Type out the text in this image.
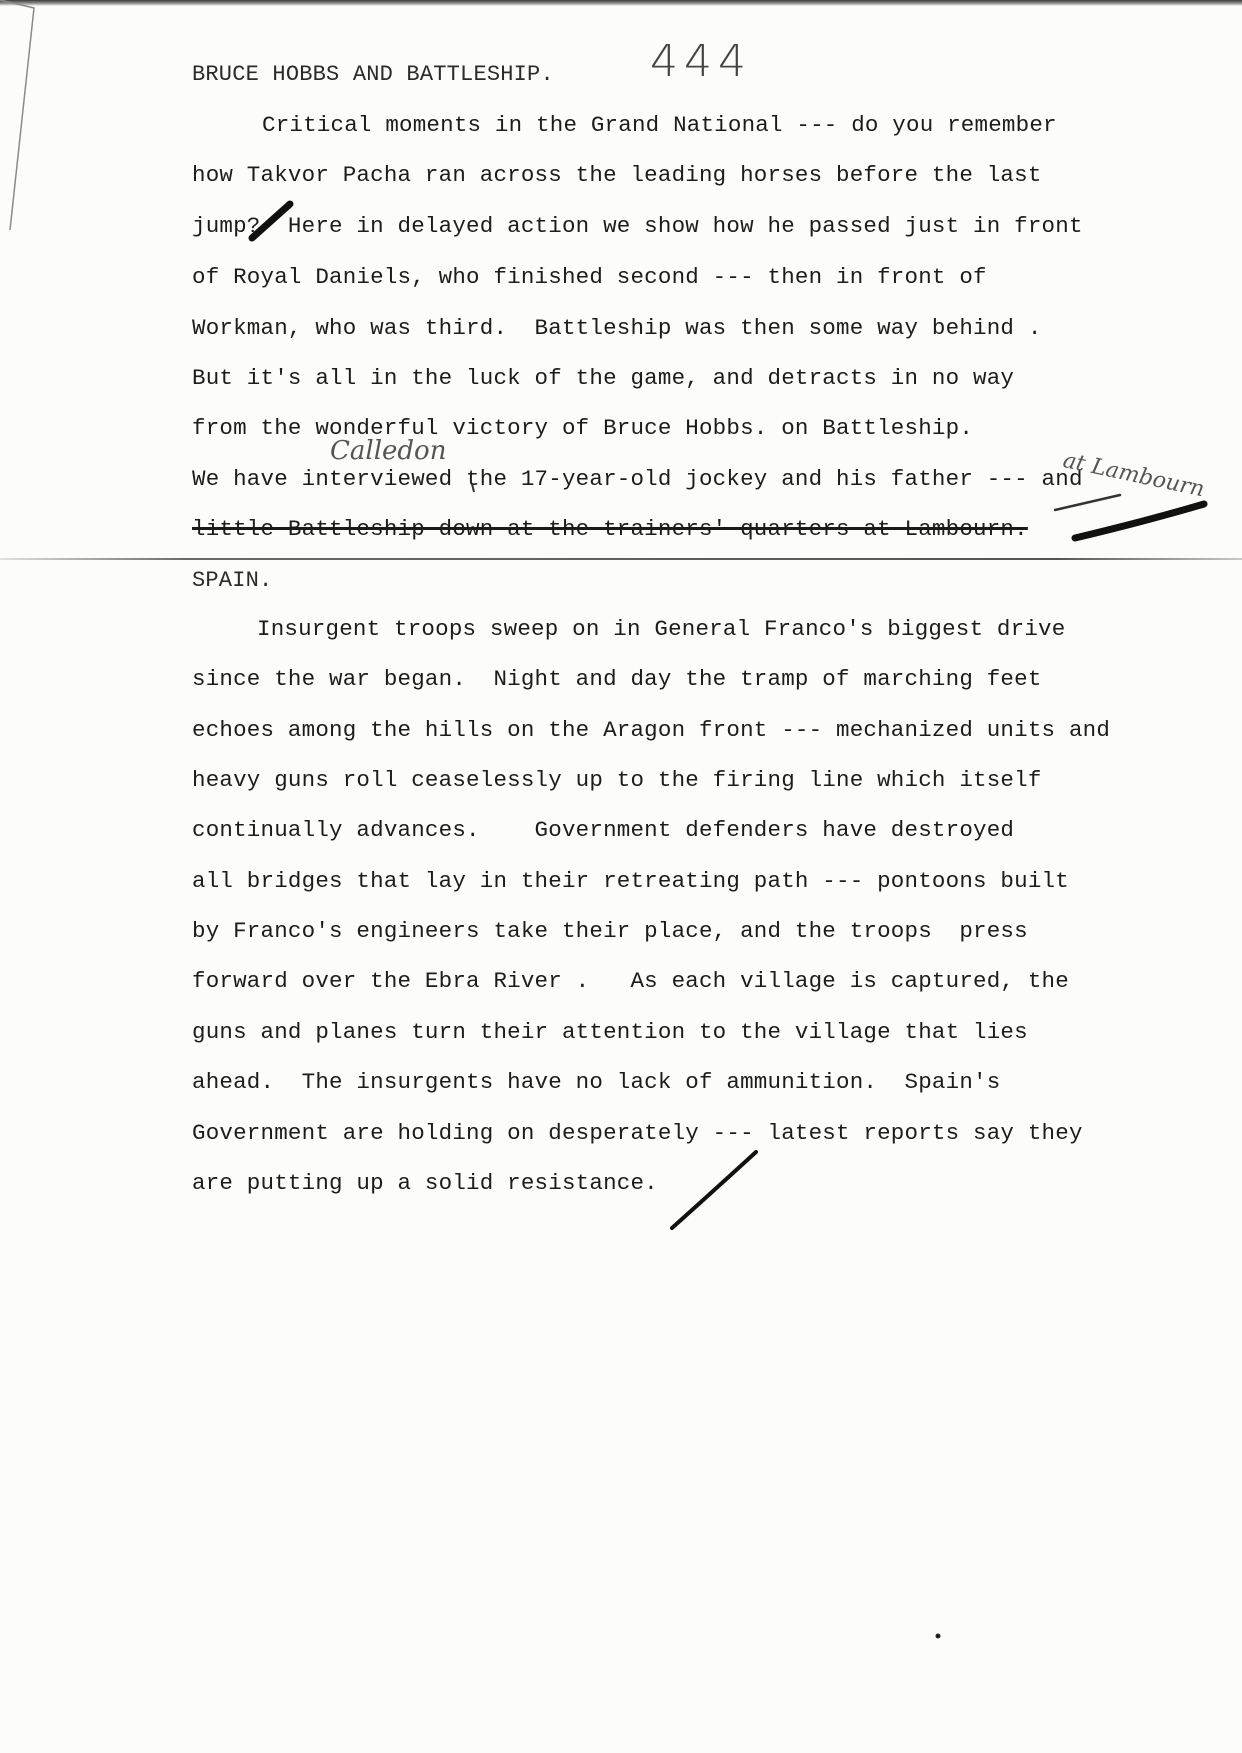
444
BRUCE HOBBS AND BATTLESHIP.
Critical moments in the Grand National --- do you remember
how Takvor Pacha ran across the leading horses before the last
jump?  Here in delayed action we show how he passed just in front
of Royal Daniels, who finished second --- then in front of
Workman, who was third.  Battleship was then some way behind .
But it's all in the luck of the game, and detracts in no way
from the wonderful victory of Bruce Hobbs. on Battleship.
We have interviewed the 17-year-old jockey and his father --- and
little Battleship down at the trainers' quarters at Lambourn.
Calledon	at Lambourn
SPAIN.
Insurgent troops sweep on in General Franco's biggest drive
since the war began.  Night and day the tramp of marching feet
echoes among the hills on the Aragon front --- mechanized units and
heavy guns roll ceaselessly up to the firing line which itself
continually advances.    Government defenders have destroyed
all bridges that lay in their retreating path --- pontoons built
by Franco's engineers take their place, and the troops  press
forward over the Ebra River .   As each village is captured, the
guns and planes turn their attention to the village that lies
ahead.  The insurgents have no lack of ammunition.  Spain's
Government are holding on desperately --- latest reports say they
are putting up a solid resistance.
